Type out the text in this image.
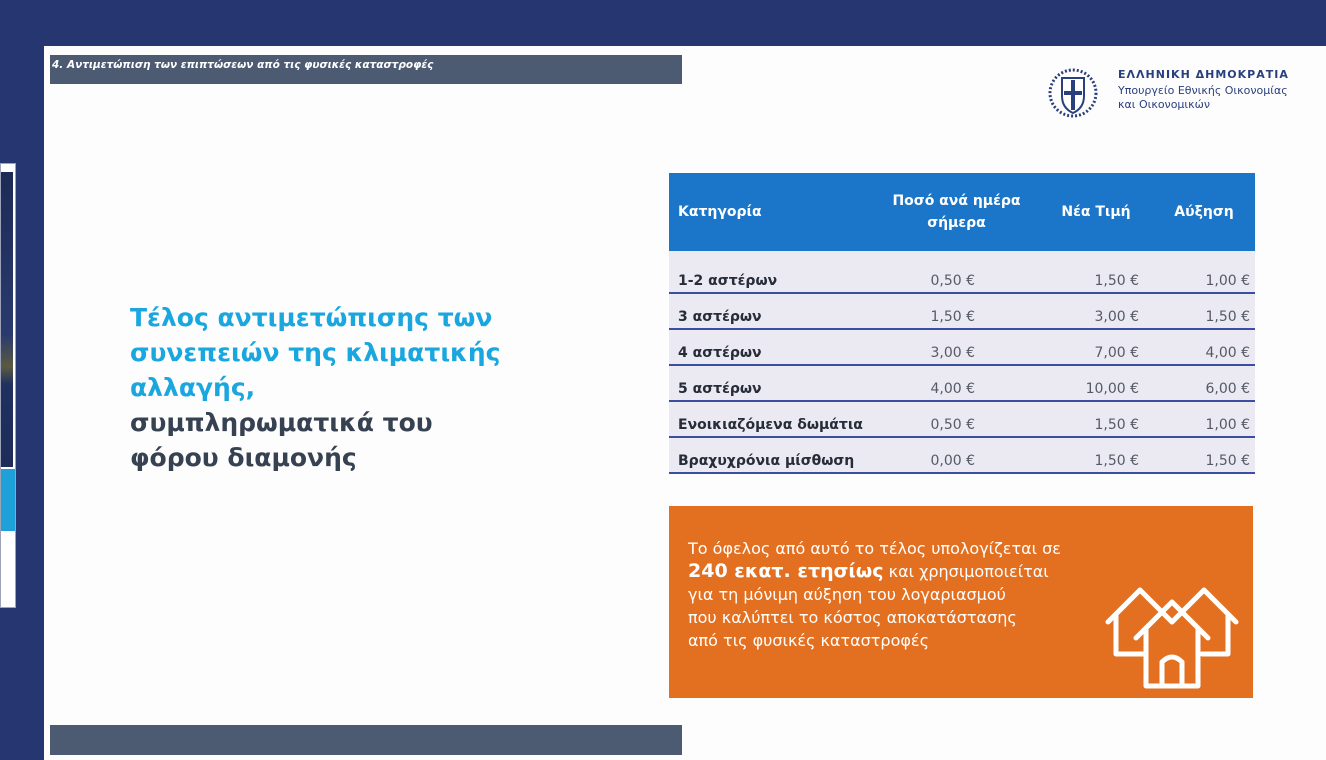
4. Αντιμετώπιση των επιπτώσεων από τις φυσικές καταστροφές
ΕΛΛΗΝΙΚΗ ΔΗΜΟΚΡΑΤΙΑ
Υπουργείο Εθνικής Οικονομίας
και Οικονομικών
Τέλος αντιμετώπισης των
συνεπειών της κλιματικής
αλλαγής,
συμπληρωματικά του
φόρου διαμονής
Κατηγορία	Ποσό ανά ημέρα σήμερα	Νέα Τιμή	Αύξηση
1-2 αστέρων	0,50 €	1,50 €	1,00 €
3 αστέρων	1,50 €	3,00 €	1,50 €
4 αστέρων	3,00 €	7,00 €	4,00 €
5 αστέρων	4,00 €	10,00 €	6,00 €
Ενοικιαζόμενα δωμάτια	0,50 €	1,50 €	1,00 €
Βραχυχρόνια μίσθωση	0,00 €	1,50 €	1,50 €
Το όφελος από αυτό το τέλος υπολογίζεται σε
240 εκατ. ετησίως και χρησιμοποιείται
για τη μόνιμη αύξηση του λογαριασμού
που καλύπτει το κόστος αποκατάστασης
από τις φυσικές καταστροφές
